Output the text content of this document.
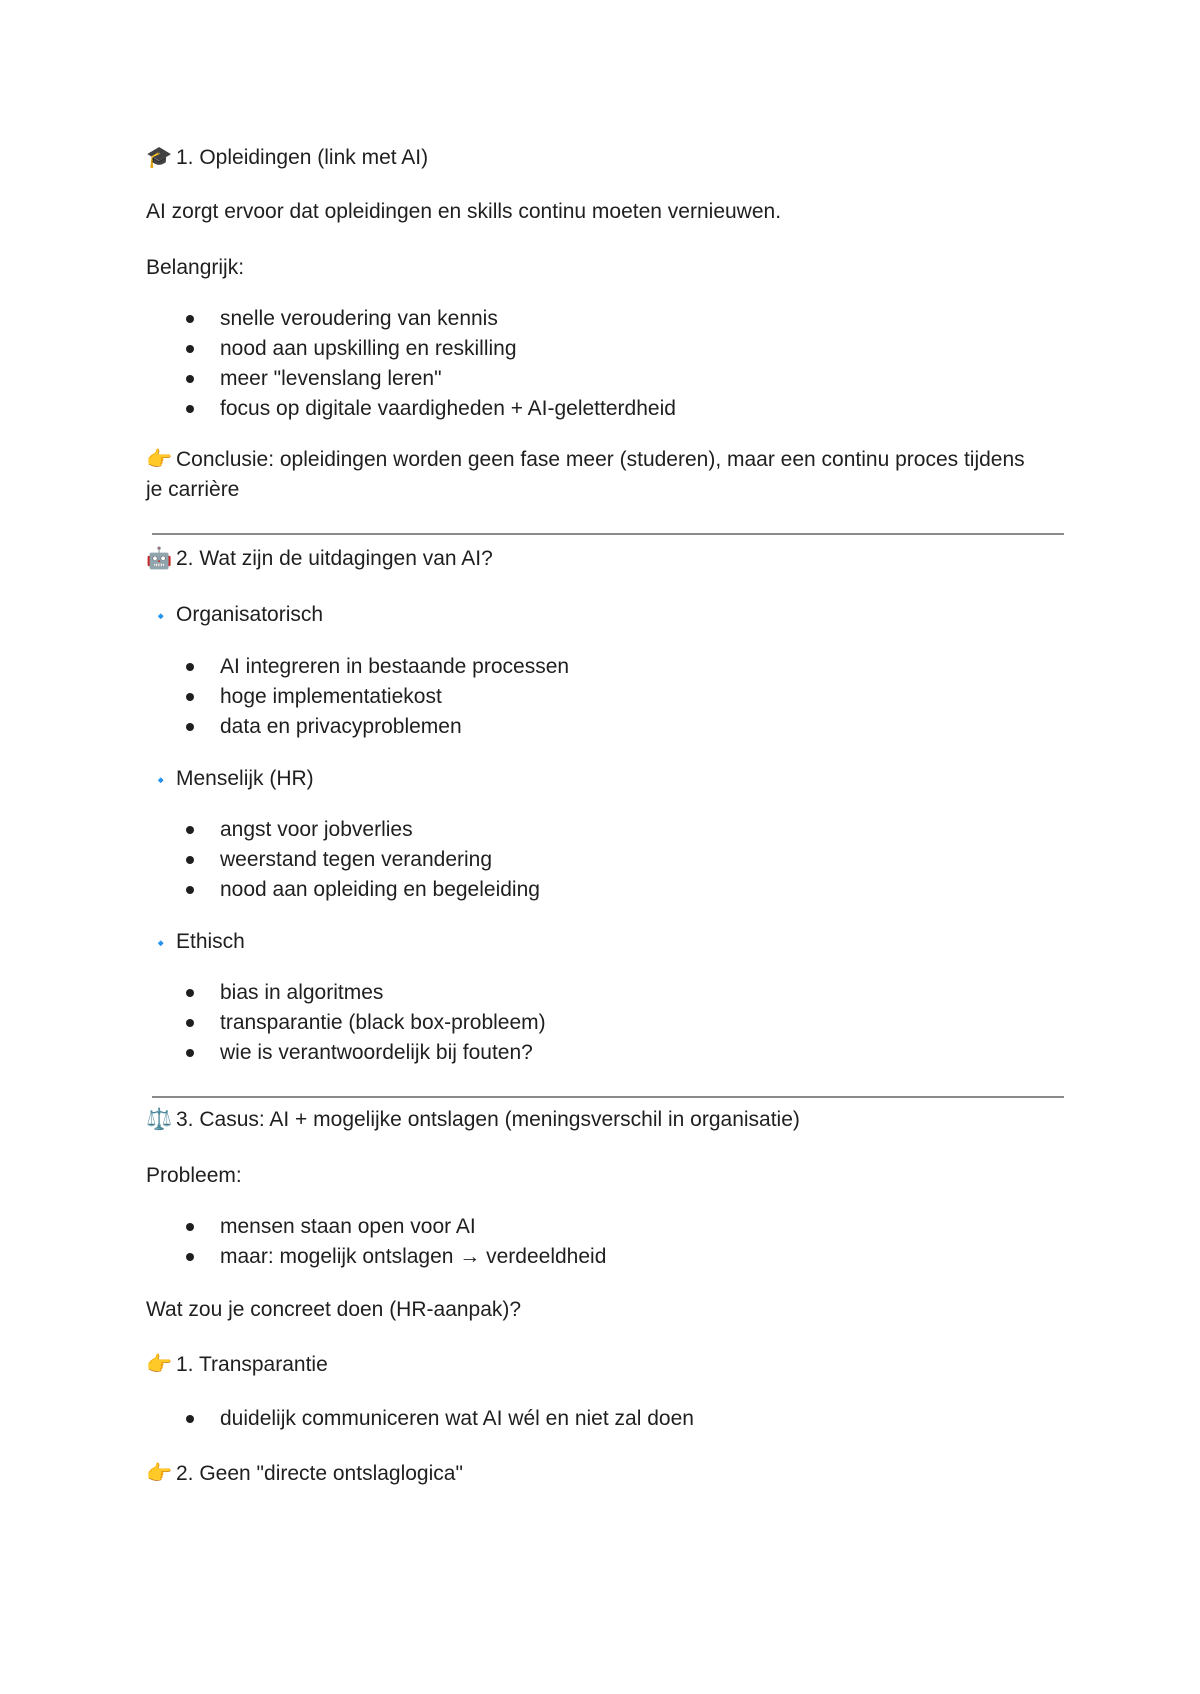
🎓 1. Opleidingen (link met AI)

AI zorgt ervoor dat opleidingen en skills continu moeten vernieuwen.

Belangrijk:

snelle veroudering van kennis
nood aan upskilling en reskilling
meer "levenslang leren"
focus op digitale vaardigheden + AI-geletterdheid

👉 Conclusie: opleidingen worden geen fase meer (studeren), maar een continu proces tijdens je carrière

🤖 2. Wat zijn de uitdagingen van AI?

🔹 Organisatorisch

AI integreren in bestaande processen
hoge implementatiekost
data en privacyproblemen

🔹 Menselijk (HR)

angst voor jobverlies
weerstand tegen verandering
nood aan opleiding en begeleiding

🔹 Ethisch

bias in algoritmes
transparantie (black box-probleem)
wie is verantwoordelijk bij fouten?

⚖️ 3. Casus: AI + mogelijke ontslagen (meningsverschil in organisatie)

Probleem:

mensen staan open voor AI
maar: mogelijk ontslagen → verdeeldheid

Wat zou je concreet doen (HR-aanpak)?

👉 1. Transparantie

duidelijk communiceren wat AI wél en niet zal doen

👉 2. Geen "directe ontslaglogica"
